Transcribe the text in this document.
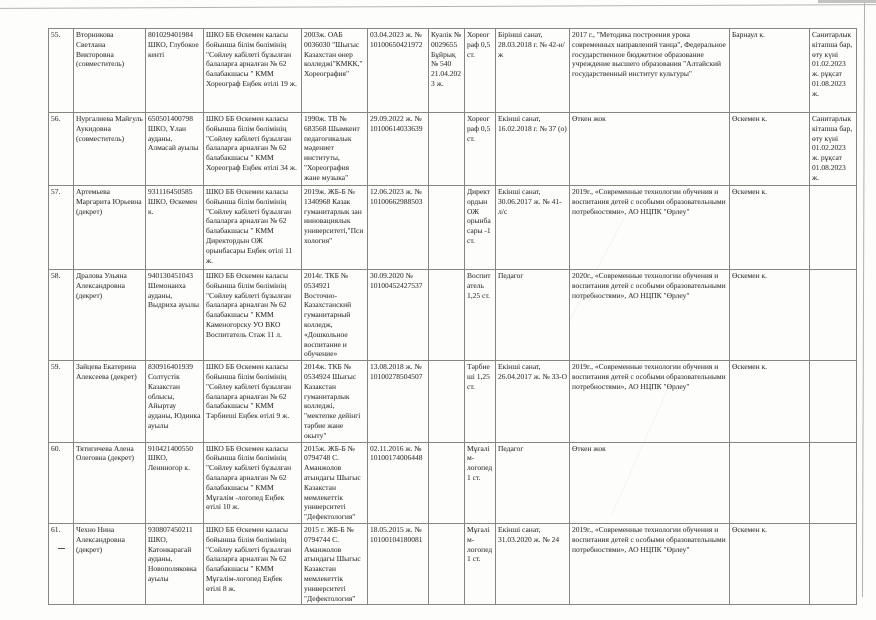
55.	Вторникова Светлана Викторовна (совместитель)	801029401984 ШКО, Глубокое кенті	ШКО ББ Өскемен каласы бойынша білім бөлімінің "Сөйлеу кабілеті бұзылған балаларға арналған № 62 балабакшасы " КММ Хореограф Еңбек өтілі 19 ж.	2003ж. ОАБ 0036030 "Шыгыс Казахстан өнер колледжі"КМКК," Хореография"	03.04.2023 ж. № 10100650421972	Куәлік № 0029655 Бұйрық № 540 21.04.2023 ж.	Хореограф 0,5 ст.	Бірінші санат, 28.03.2018 г. № 42-н/ж	2017 г., "Методика построения урока современных направлений танца", Федеральное государственное бюджетное образование учреждение высшего образования "Алтайский государственный институт культуры"	Барнаул к.	Санитарлык кітапша бар, өту күні 01.02.2023 ж. рұқсат 01.08.2023 ж.
56.	Нургалиева Майгуль Аукидовна (совместитель)	650501400798 ШКО, Ұлан ауданы, Алмасай ауылы	ШКО ББ Өскемен каласы бойынша білім бөлімінің "Сөйлеу кабілеті бұзылған балаларға арналған № 62 балабакшасы " КММ Хореограф Еңбек өтілі 34 ж.	1990ж. ТВ № 683568 Шымкент педагогикалык мәдениет институты, "Хореография жане музыка"	29.09.2022 ж. № 10100614033639		Хореограф 0,5 ст.	Екінші санат, 16.02.2018 г. № 37 (о)	Өткен жок	Өскемен к.	Санитарлык кітапша бар, өту күні 01.02.2023 ж. рұқсат 01.08.2023 ж.
57.	Артемьева Маргарита Юрьевна (декрет)	931116450585 ШКО, Өскемен к.	ШКО ББ Өскемен каласы бойынша білім бөлімінің "Сөйлеу кабілеті бұзылған балаларға арналған № 62 балабакшасы " КММ Директордын ОЖ орынбасары Еңбек өтілі 11 ж.	2019ж. ЖБ-Б № 1340968 Казак гуманитарлык зан инновациялык университеті,"Психология"	12.06.2023 ж. № 10100662988503		Директордын ОЖ орынбасары -1 ст.	Екінші санат, 30.06.2017 ж. № 41-л/с	2019г., «Современные технологии обучения и воспитания детей с особыми образовательными потребностями», АО НЦПК "Өрлеу"	Өскемен к.	
58.	Дралова Ульяна Александровна (декрет)	940130451043 Шемонаиха ауданы, Выдриха ауылы	ШКО ББ Өскемен каласы бойынша білім бөлімінің "Сөйлеу кабілеті бұзылған балаларға арналған № 62 балабакшасы " КММ Каменогорску УО ВКО Воспитатель Стаж 11 л.	2014г. ТКБ № 0534921 Восточно- Казахстанский гуманитарный колледж, «Дошкольное воспитание и обучение»	30.09.2020 № 10100452427537		Воспитатель 1,25 ст.	Педагог	2020г., «Современные технологии обучения и воспитания детей с особыми образовательными потребностями», АО НЦПК "Өрлеу"	Өскемен к.	
59.	Зайцева Екатерина Алексеева (декрет)	830916401939 Солтүстік Казакстан облысы, Айыртау ауданы, Юдинка ауылы	ШКО ББ Өскемен каласы бойынша білім бөлімінің "Сөйлеу кабілеті бұзылған балаларға арналған № 62 балабакшасы " КММ Тәрбиеші Еңбек өтілі 9 ж.	2014ж. ТКБ № 0534924 Шыгыс Казакстан гуманитарлык колледжі, "мектепке дейінгі тәрбие жане окыту"	13.08.2018 ж. № 10100278504507		Тәрбиеші 1,25 ст.	Екінші санат, 26.04.2017 ж. № 33-О	2019г., «Современные технологии обучения и воспитания детей с особыми образовательными потребностями», АО НЦПК "Өрлеу"	Өскемен к.	
60.	Тятигичева Алена Олеговна (декрет)	910421400550 ШКО, Лениногор к.	ШКО ББ Өскемен каласы бойынша білім бөлімінің "Сөйлеу кабілеті бұзылған балаларға арналған № 62 балабакшасы " КММ Мұғалім -логопед Еңбек өтілі 10 ж.	2015ж. ЖБ-Б № 0794748 С. Аманжолов атындагы Шыгыс Казакстан мемлекеттік университеті "Дефектология"	02.11.2016 ж. № 10100174006448		Мұғалім-логопед 1 ст.	Педагог	Өткен жок		
61.	Чехно Нина Александровна (декрет)	930807450211 ШКО, Катонкарагай ауданы, Новополяковка ауылы	ШКО ББ Өскемен каласы бойынша білім бөлімінің "Сөйлеу кабілеті бұзылған балаларға арналған № 62 балабакшасы " КММ Мұғалім-логопед Еңбек өтілі 8 ж.	2015 г. ЖБ-Б № 0794744 С. Аманжолов атындагы Шыгыс Казакстан мемлекеттік университеті "Дефектология"	18.05.2015 ж. № 10100104180081		Мұғалім-логопед 1 ст.	Екінші санат, 31.03.2020 ж. № 24	2019г., «Современные технологии обучения и воспитания детей с особыми образовательными потребностями», АО НЦПК "Өрлеу"	Өскемен к.	
